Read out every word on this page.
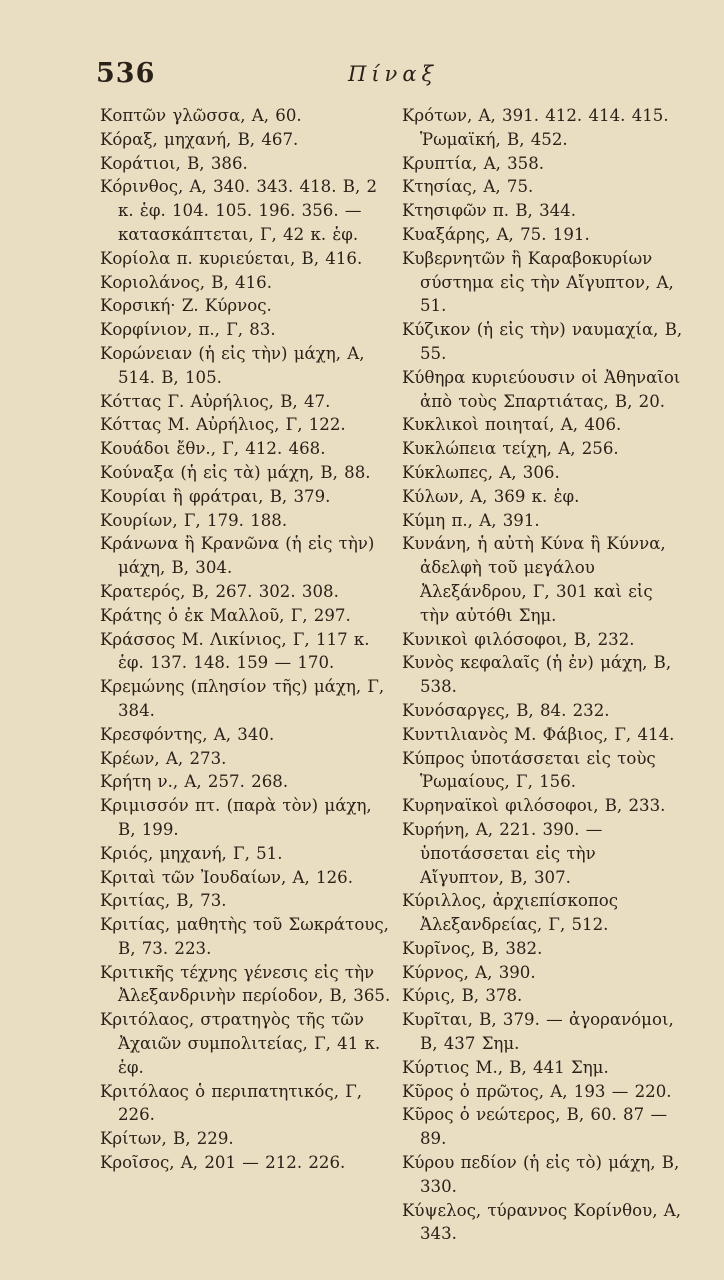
536	Πίναξ

Κοπτῶν γλῶσσα, Α, 60.

Κόραξ, μηχανή, Β, 467.

Κοράτιοι, Β, 386.

Κόρινθος, Α, 340. 343. 418. Β, 2 κ. ἑφ. 104. 105. 196. 356. — κατασκάπτεται, Γ, 42 κ. ἑφ.

Κορίολα π. κυριεύεται, Β, 416.

Κοριολάνος, Β, 416.

Κορσική· Ζ. Κύρνος.

Κορφίνιον, π., Γ, 83.

Κορώνειαν (ἡ εἰς τὴν) μάχη, Α, 514. Β, 105.

Κόττας Γ. Αὐρήλιος, Β, 47.

Κόττας Μ. Αὐρήλιος, Γ, 122.

Κουάδοι ἔθν., Γ, 412. 468.

Κούναξα (ἡ εἰς τὰ) μάχη, Β, 88.

Κουρίαι ἢ φράτραι, Β, 379.

Κουρίων, Γ, 179. 188.

Κράνωνα ἢ Κρανῶνα (ἡ εἰς τὴν) μάχη, Β, 304.

Κρατερός, Β, 267. 302. 308.

Κράτης ὁ ἐκ Μαλλοῦ, Γ, 297.

Κράσσος Μ. Λικίνιος, Γ, 117 κ. ἑφ. 137. 148. 159 — 170.

Κρεμώνης (πλησίον τῆς) μάχη, Γ, 384.

Κρεσφόντης, Α, 340.

Κρέων, Α, 273.

Κρήτη ν., Α, 257. 268.

Κριμισσόν πτ. (παρὰ τὸν) μάχη, Β, 199.

Κριός, μηχανή, Γ, 51.

Κριταὶ τῶν Ἰουδαίων, Α, 126.

Κριτίας, Β, 73.

Κριτίας, μαθητὴς τοῦ Σωκράτους, Β, 73. 223.

Κριτικῆς τέχνης γένεσις εἰς τὴν Ἀλεξανδρινὴν περίοδον, Β, 365.

Κριτόλαος, στρατηγὸς τῆς τῶν Ἀχαιῶν συμπολιτείας, Γ, 41 κ. ἑφ.

Κριτόλαος ὁ περιπατητικός, Γ, 226.

Κρίτων, Β, 229.

Κροῖσος, Α, 201 — 212. 226.

Κρότων, Α, 391. 412. 414. 415. Ῥωμαϊκή, Β, 452.

Κρυπτία, Α, 358.

Κτησίας, Α, 75.

Κτησιφῶν π. Β, 344.

Κυαξάρης, Α, 75. 191.

Κυβερνητῶν ἢ Καραβοκυρίων σύστημα εἰς τὴν Αἴγυπτον, Α, 51.

Κύζικον (ἡ εἰς τὴν) ναυμαχία, Β, 55.

Κύθηρα κυριεύουσιν οἱ Ἀθηναῖοι ἀπὸ τοὺς Σπαρτιάτας, Β, 20.

Κυκλικοὶ ποιηταί, Α, 406.

Κυκλώπεια τείχη, Α, 256.

Κύκλωπες, Α, 306.

Κύλων, Α, 369 κ. ἑφ.

Κύμη π., Α, 391.

Κυνάνη, ἡ αὐτὴ Κύνα ἢ Κύννα, ἀδελφὴ τοῦ μεγάλου Ἀλεξάνδρου, Γ, 301 καὶ εἰς τὴν αὐτόθι Σημ.

Κυνικοὶ φιλόσοφοι, Β, 232.

Κυνὸς κεφαλαῖς (ἡ ἐν) μάχη, Β, 538.

Κυνόσαργες, Β, 84. 232.

Κυντιλιανὸς Μ. Φάβιος, Γ, 414.

Κύπρος ὑποτάσσεται εἰς τοὺς Ῥωμαίους, Γ, 156.

Κυρηναϊκοὶ φιλόσοφοι, Β, 233.

Κυρήνη, Α, 221. 390. — ὑποτάσσεται εἰς τὴν Αἴγυπτον, Β, 307.

Κύριλλος, ἀρχιεπίσκοπος Ἀλεξανδρείας, Γ, 512.

Κυρῖνος, Β, 382.

Κύρνος, Α, 390.

Κύρις, Β, 378.

Κυρῖται, Β, 379. — ἀγορανόμοι, Β, 437 Σημ.

Κύρτιος Μ., Β, 441 Σημ.

Κῦρος ὁ πρῶτος, Α, 193 — 220.

Κῦρος ὁ νεώτερος, Β, 60. 87 — 89.

Κύρου πεδίον (ἡ εἰς τὸ) μάχη, Β, 330.

Κύψελος, τύραννος Κορίνθου, Α, 343.
